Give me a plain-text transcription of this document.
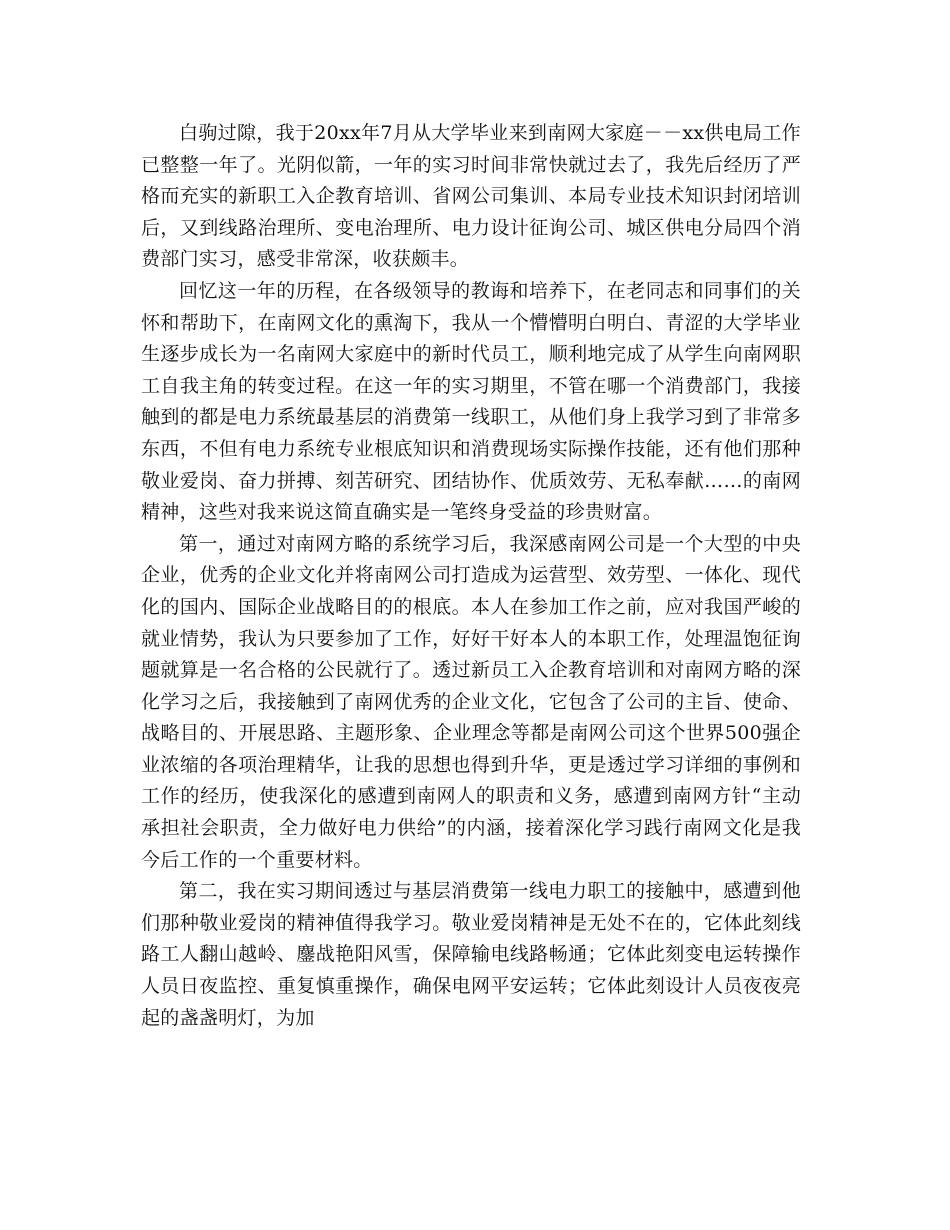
白驹过隙，我于20xx年7月从大学毕业来到南网大家庭－－xx供电局工作已整整一年了。光阴似箭，一年的实习时间非常快就过去了，我先后经历了严格而充实的新职工入企教育培训、省网公司集训、本局专业技术知识封闭培训后，又到线路治理所、变电治理所、电力设计征询公司、城区供电分局四个消费部门实习，感受非常深，收获颇丰。

回忆这一年的历程，在各级领导的教诲和培养下，在老同志和同事们的关怀和帮助下，在南网文化的熏淘下，我从一个懵懵明白明白、青涩的大学毕业生逐步成长为一名南网大家庭中的新时代员工，顺利地完成了从学生向南网职工自我主角的转变过程。在这一年的实习期里，不管在哪一个消费部门，我接触到的都是电力系统最基层的消费第一线职工，从他们身上我学习到了非常多东西，不但有电力系统专业根底知识和消费现场实际操作技能，还有他们那种敬业爱岗、奋力拼搏、刻苦研究、团结协作、优质效劳、无私奉献……的南网精神，这些对我来说这简直确实是一笔终身受益的珍贵财富。

第一，通过对南网方略的系统学习后，我深感南网公司是一个大型的中央企业，优秀的企业文化并将南网公司打造成为运营型、效劳型、一体化、现代化的国内、国际企业战略目的的根底。本人在参加工作之前，应对我国严峻的就业情势，我认为只要参加了工作，好好干好本人的本职工作，处理温饱征询题就算是一名合格的公民就行了。透过新员工入企教育培训和对南网方略的深化学习之后，我接触到了南网优秀的企业文化，它包含了公司的主旨、使命、战略目的、开展思路、主题形象、企业理念等都是南网公司这个世界500强企业浓缩的各项治理精华，让我的思想也得到升华，更是透过学习详细的事例和工作的经历，使我深化的感遭到南网人的职责和义务，感遭到南网方针“主动承担社会职责，全力做好电力供给”的内涵，接着深化学习践行南网文化是我今后工作的一个重要材料。

第二，我在实习期间透过与基层消费第一线电力职工的接触中，感遭到他们那种敬业爱岗的精神值得我学习。敬业爱岗精神是无处不在的，它体此刻线路工人翻山越岭、鏖战艳阳风雪，保障输电线路畅通；它体此刻变电运转操作人员日夜监控、重复慎重操作，确保电网平安运转；它体此刻设计人员夜夜亮起的盏盏明灯，为加
